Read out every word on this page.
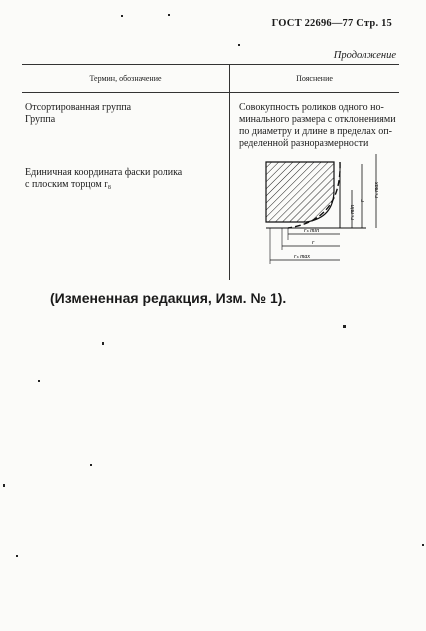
ГОСТ 22696—77 Стр. 15
Продолжение
Термин, обозначение	Пояснение
Отсортированная группа
Группа
Совокупность роликов одного но-
минального размера с отклонениями
по диаметру и длине в пределах оп-
ределенной разноразмерности
Единичная координата фаски ролика
с плоским торцом r₈	rₛ max
rₛ min
r
rₛ min
r
rₛ max
(Измененная редакция, Изм. № 1).
